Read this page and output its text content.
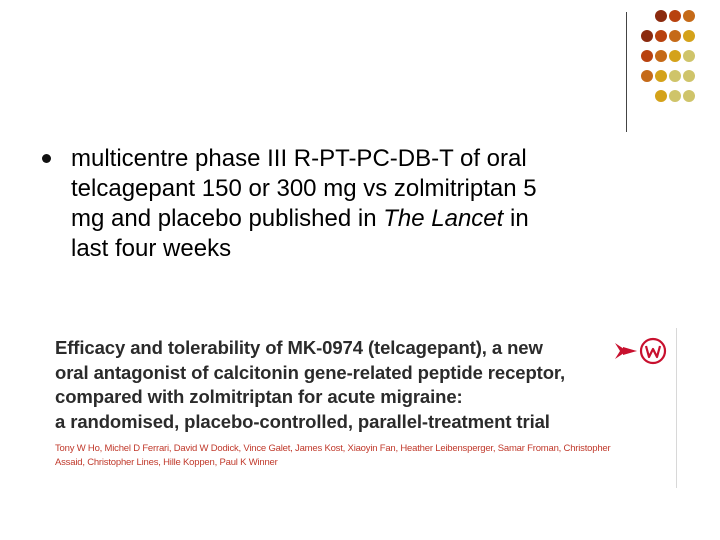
multicentre phase III R-PT-PC-DB-T of oral
telcagepant 150 or 300 mg vs zolmitriptan 5
mg and placebo published in The Lancet in
last four weeks
Efficacy and tolerability of MK-0974 (telcagepant), a new
oral antagonist of calcitonin gene-related peptide receptor,
compared with zolmitriptan for acute migraine:
a randomised, placebo-controlled, parallel-treatment trial
Tony W Ho, Michel D Ferrari, David W Dodick, Vince Galet, James Kost, Xiaoyin Fan, Heather Leibensperger, Samar Froman, Christopher Assaid, Christopher Lines, Hille Koppen, Paul K Winner
